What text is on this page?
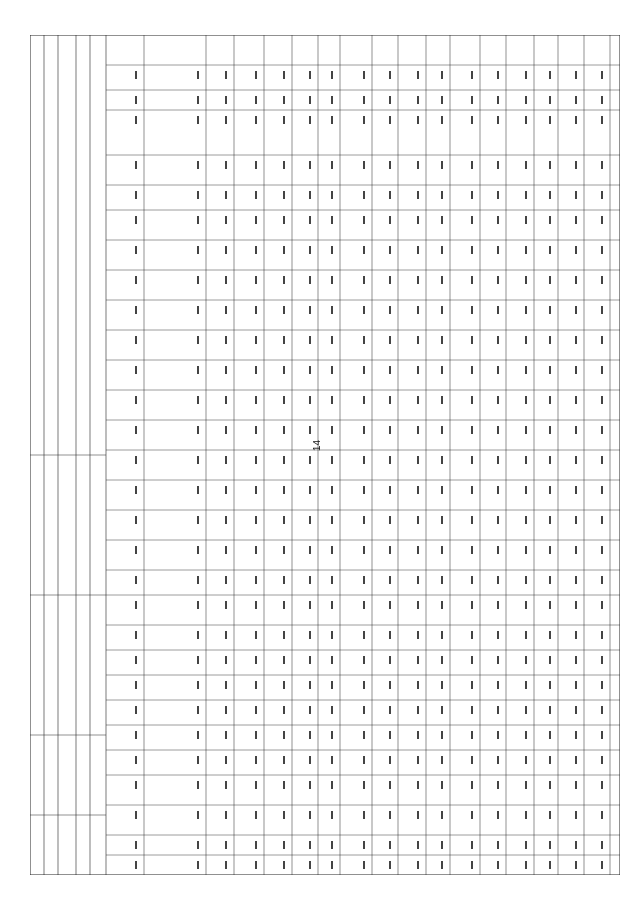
14
